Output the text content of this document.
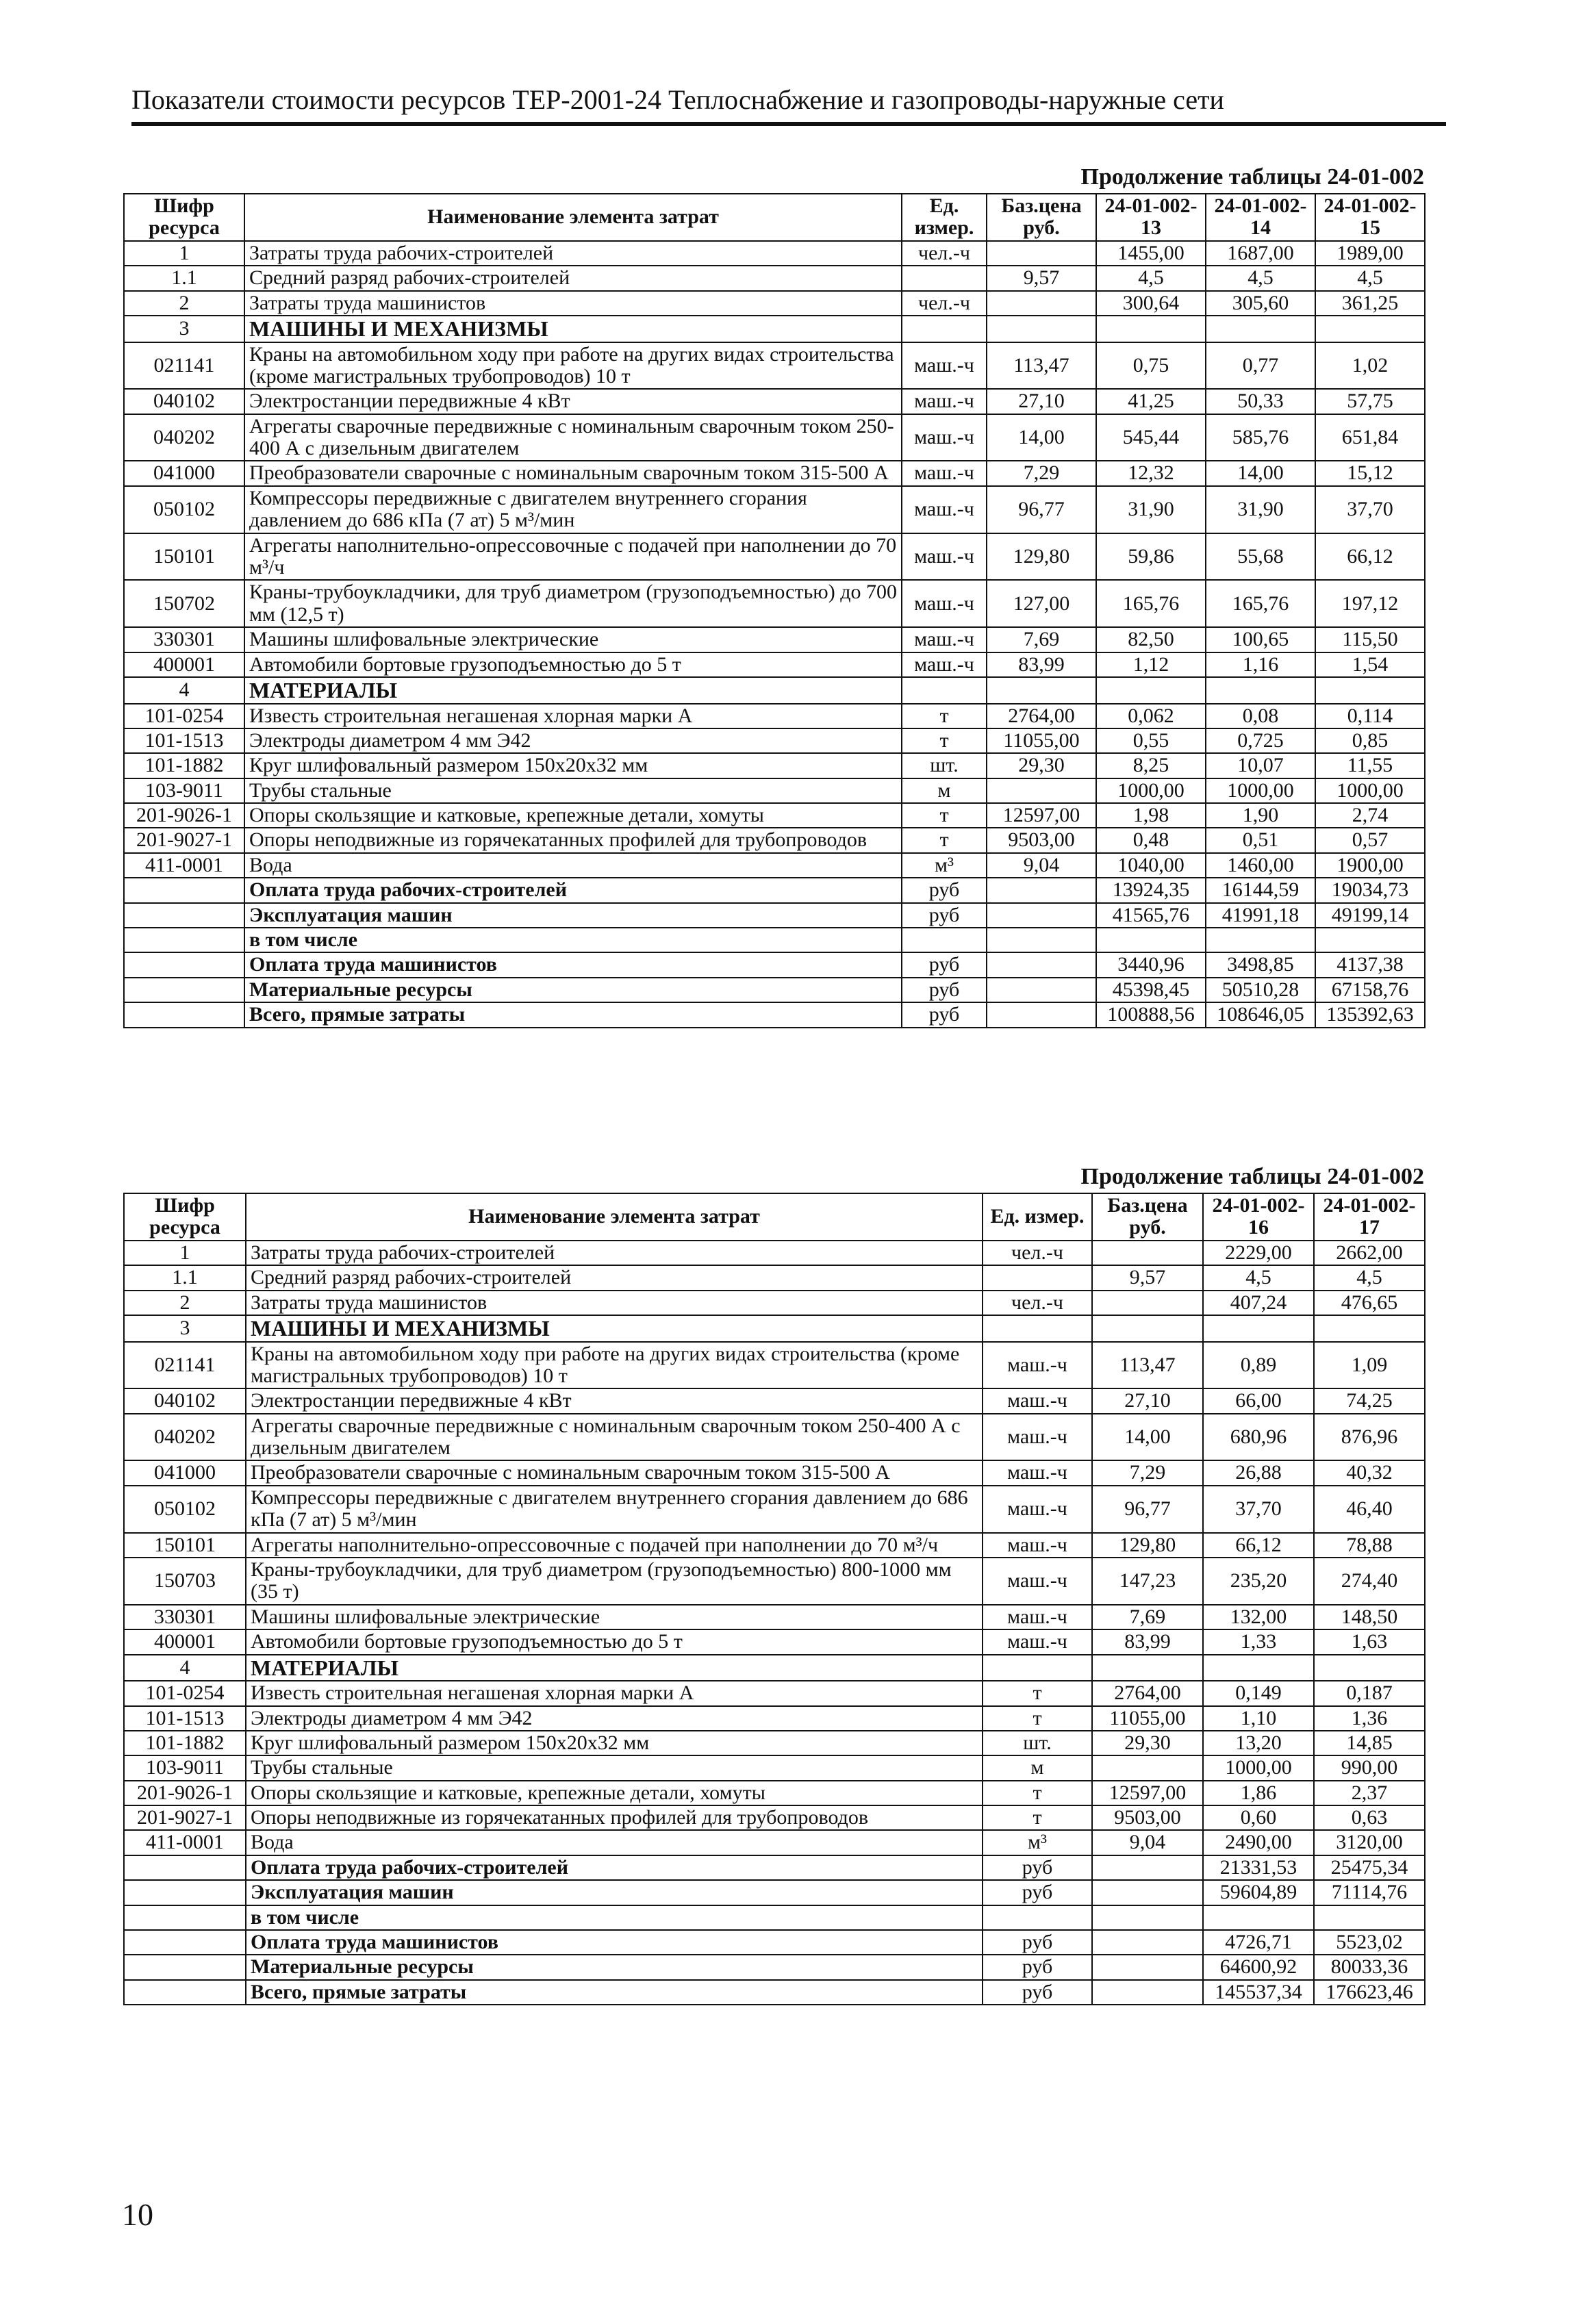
Показатели стоимости ресурсов ТЕР-2001-24 Теплоснабжение и газопроводы-наружные сети
Продолжение таблицы 24-01-002
Шифр ресурса	Наименование элемента затрат	Ед. измер.	Баз.цена руб.	24-01-002-13	24-01-002-14	24-01-002-15
1	Затраты труда рабочих-строителей	чел.-ч		1455,00	1687,00	1989,00
1.1	Средний разряд рабочих-строителей		9,57	4,5	4,5	4,5
2	Затраты труда машинистов	чел.-ч		300,64	305,60	361,25
3	МАШИНЫ И МЕХАНИЗМЫ					
021141	Краны на автомобильном ходу при работе на других видах строительства (кроме магистральных трубопроводов) 10 т	маш.-ч	113,47	0,75	0,77	1,02
040102	Электростанции передвижные 4 кВт	маш.-ч	27,10	41,25	50,33	57,75
040202	Агрегаты сварочные передвижные с номинальным сварочным током 250-400 А с дизельным двигателем	маш.-ч	14,00	545,44	585,76	651,84
041000	Преобразователи сварочные с номинальным сварочным током 315-500 А	маш.-ч	7,29	12,32	14,00	15,12
050102	Компрессоры передвижные с двигателем внутреннего сгорания давлением до 686 кПа (7 ат) 5 м³/мин	маш.-ч	96,77	31,90	31,90	37,70
150101	Агрегаты наполнительно-опрессовочные с подачей при наполнении до 70 м³/ч	маш.-ч	129,80	59,86	55,68	66,12
150702	Краны-трубоукладчики, для труб диаметром (грузоподъемностью) до 700 мм (12,5 т)	маш.-ч	127,00	165,76	165,76	197,12
330301	Машины шлифовальные электрические	маш.-ч	7,69	82,50	100,65	115,50
400001	Автомобили бортовые грузоподъемностью до 5 т	маш.-ч	83,99	1,12	1,16	1,54
4	МАТЕРИАЛЫ					
101-0254	Известь строительная негашеная хлорная марки А	т	2764,00	0,062	0,08	0,114
101-1513	Электроды диаметром 4 мм Э42	т	11055,00	0,55	0,725	0,85
101-1882	Круг шлифовальный размером 150х20х32 мм	шт.	29,30	8,25	10,07	11,55
103-9011	Трубы стальные	м		1000,00	1000,00	1000,00
201-9026-1	Опоры скользящие и катковые, крепежные детали, хомуты	т	12597,00	1,98	1,90	2,74
201-9027-1	Опоры неподвижные из горячекатанных профилей для трубопроводов	т	9503,00	0,48	0,51	0,57
411-0001	Вода	м³	9,04	1040,00	1460,00	1900,00
	Оплата труда рабочих-строителей	руб		13924,35	16144,59	19034,73
	Эксплуатация машин	руб		41565,76	41991,18	49199,14
	в том числе					
	Оплата труда машинистов	руб		3440,96	3498,85	4137,38
	Материальные ресурсы	руб		45398,45	50510,28	67158,76
	Всего, прямые затраты	руб		100888,56	108646,05	135392,63
Продолжение таблицы 24-01-002
Шифр ресурса	Наименование элемента затрат	Ед. измер.	Баз.цена руб.	24-01-002-16	24-01-002-17
1	Затраты труда рабочих-строителей	чел.-ч		2229,00	2662,00
1.1	Средний разряд рабочих-строителей		9,57	4,5	4,5
2	Затраты труда машинистов	чел.-ч		407,24	476,65
3	МАШИНЫ И МЕХАНИЗМЫ				
021141	Краны на автомобильном ходу при работе на других видах строительства (кроме магистральных трубопроводов) 10 т	маш.-ч	113,47	0,89	1,09
040102	Электростанции передвижные 4 кВт	маш.-ч	27,10	66,00	74,25
040202	Агрегаты сварочные передвижные с номинальным сварочным током 250-400 А с дизельным двигателем	маш.-ч	14,00	680,96	876,96
041000	Преобразователи сварочные с номинальным сварочным током 315-500 А	маш.-ч	7,29	26,88	40,32
050102	Компрессоры передвижные с двигателем внутреннего сгорания давлением до 686 кПа (7 ат) 5 м³/мин	маш.-ч	96,77	37,70	46,40
150101	Агрегаты наполнительно-опрессовочные с подачей при наполнении до 70 м³/ч	маш.-ч	129,80	66,12	78,88
150703	Краны-трубоукладчики, для труб диаметром (грузоподъемностью) 800-1000 мм (35 т)	маш.-ч	147,23	235,20	274,40
330301	Машины шлифовальные электрические	маш.-ч	7,69	132,00	148,50
400001	Автомобили бортовые грузоподъемностью до 5 т	маш.-ч	83,99	1,33	1,63
4	МАТЕРИАЛЫ				
101-0254	Известь строительная негашеная хлорная марки А	т	2764,00	0,149	0,187
101-1513	Электроды диаметром 4 мм Э42	т	11055,00	1,10	1,36
101-1882	Круг шлифовальный размером 150х20х32 мм	шт.	29,30	13,20	14,85
103-9011	Трубы стальные	м		1000,00	990,00
201-9026-1	Опоры скользящие и катковые, крепежные детали, хомуты	т	12597,00	1,86	2,37
201-9027-1	Опоры неподвижные из горячекатанных профилей для трубопроводов	т	9503,00	0,60	0,63
411-0001	Вода	м³	9,04	2490,00	3120,00
	Оплата труда рабочих-строителей	руб		21331,53	25475,34
	Эксплуатация машин	руб		59604,89	71114,76
	в том числе				
	Оплата труда машинистов	руб		4726,71	5523,02
	Материальные ресурсы	руб		64600,92	80033,36
	Всего, прямые затраты	руб		145537,34	176623,46
10
